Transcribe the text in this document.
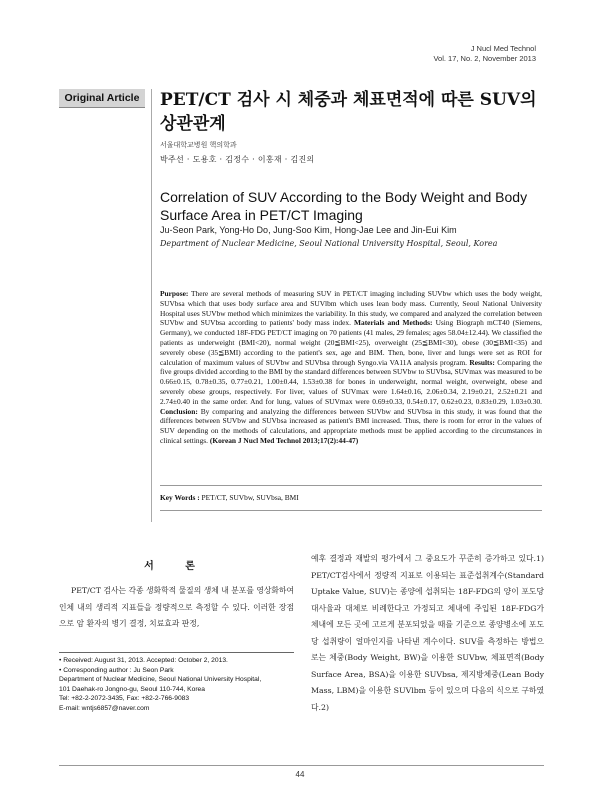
J Nucl Med Technol
Vol. 17, No. 2, November 2013
Original Article	PET/CT 검사 시 체중과 체표면적에 따른 SUV의
상관관계
서울대학교병원 핵의학과
박주선 · 도용호 · 김정수 · 이홍재 · 김진의
Correlation of SUV According to the Body Weight and Body Surface Area in PET/CT Imaging
Ju-Seon Park, Yong-Ho Do, Jung-Soo Kim, Hong-Jae Lee and Jin-Eui Kim
Department of Nuclear Medicine, Seoul National University Hospital, Seoul, Korea
Purpose: There are several methods of measuring SUV in PET/CT imaging including SUVbw which uses the body weight, SUVbsa which that uses body surface area and SUVlbm which uses lean body mass. Currently, Seoul National University Hospital uses SUVbw method which minimizes the variability. In this study, we compared and analyzed the correlation between SUVbw and SUVbsa according to patients' body mass index. Materials and Methods: Using Biograph mCT40 (Siemens, Germany), we conducted 18F-FDG PET/CT imaging on 70 patients (41 males, 29 females; ages 58.04±12.44). We classified the patients as underweight (BMI<20), normal weight (20≦BMI<25), overweight (25≦BMI<30), obese (30≦BMI<35) and severely obese (35≦BMI) according to the patient's sex, age and BIM. Then, bone, liver and lungs were set as ROI for calculation of maximum values of SUVbw and SUVbsa through Syngo.via VA11A analysis program. Results: Comparing the five groups divided according to the BMI by the standard differences between SUVbw to SUVbsa, SUVmax was measured to be 0.66±0.15, 0.78±0.35, 0.77±0.21, 1.00±0.44, 1.53±0.38 for bones in underweight, normal weight, overweight, obese and severely obese groups, respectively. For liver, values of SUVmax were 1.64±0.16, 2.06±0.34, 2.19±0.21, 2.52±0.21 and 2.74±0.40 in the same order. And for lung, values of SUVmax were 0.69±0.33, 0.54±0.17, 0.62±0.23, 0.83±0.29, 1.03±0.30. Conclusion: By comparing and analyzing the differences between SUVbw and SUVbsa in this study, it was found that the differences between SUVbw and SUVbsa increased as patient's BMI increased. Thus, there is room for error in the values of SUV depending on the methods of calculations, and appropriate methods must be applied according to the circumstances in clinical settings. (Korean J Nucl Med Technol 2013;17(2):44-47)
Key Words : PET/CT, SUVbw, SUVbsa, BMI
서 론
PET/CT 검사는 각종 생화학적 물질의 생체 내 분포를 영상화하여 인체 내의 생리적 지표들을 정량적으로 측정할 수 있다. 이러한 장점으로 암 환자의 병기 결정, 치료효과 판정,
예후 결정과 재발의 평가에서 그 중요도가 꾸준히 증가하고 있다.1) PET/CT검사에서 정량적 지표로 이용되는 표준섭취계수(Standard Uptake Value, SUV)는 종양에 섭취되는 18F-FDG의 양이 포도당 대사율과 대체로 비례한다고 가정되고 체내에 주입된 18F-FDG가 체내에 모든 곳에 고르게 분포되었을 때를 기준으로 종양병소에 포도당 섭취량이 얼마인지를 나타낸 계수이다. SUV를 측정하는 방법으로는 체중(Body Weight, BW)을 이용한 SUVbw, 체표면적(Body Surface Area, BSA)을 이용한 SUVbsa, 제지방체중(Lean Body Mass, LBM)을 이용한 SUVlbm 등이 있으며 다음의 식으로 구하였다.2)
• Received: August 31, 2013. Accepted: October 2, 2013.
• Corresponding author : Ju Seon Park
Department of Nuclear Medicine, Seoul National University Hospital,
101 Daehak-ro Jongno-gu, Seoul 110-744, Korea
Tel: +82-2-2072-3435, Fax: +82-2-766-9083
E-mail: wntjs6857@naver.com
44
